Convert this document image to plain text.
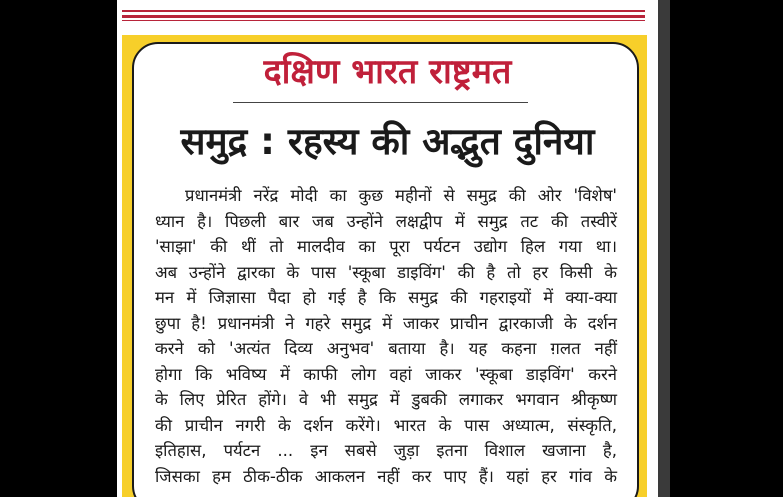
दक्षिण भारत राष्ट्रमत
समुद्र : रहस्य की अद्भुत दुनिया
प्रधानमंत्री नरेंद्र मोदी का कुछ महीनों से समुद्र की ओर 'विशेष'
ध्यान है। पिछली बार जब उन्होंने लक्षद्वीप में समुद्र तट की तस्वीरें
'साझा' की थीं तो मालदीव का पूरा पर्यटन उद्योग हिल गया था।
अब उन्होंने द्वारका के पास 'स्कूबा डाइविंग' की है तो हर किसी के
मन में जिज्ञासा पैदा हो गई है कि समुद्र की गहराइयों में क्या-क्या
छुपा है! प्रधानमंत्री ने गहरे समुद्र में जाकर प्राचीन द्वारकाजी के दर्शन
करने को 'अत्यंत दिव्य अनुभव' बताया है। यह कहना ग़लत नहीं
होगा कि भविष्य में काफी लोग वहां जाकर 'स्कूबा डाइविंग' करने
के लिए प्रेरित होंगे। वे भी समुद्र में डुबकी लगाकर भगवान श्रीकृष्ण
की प्राचीन नगरी के दर्शन करेंगे। भारत के पास अध्यात्म, संस्कृति,
इतिहास, पर्यटन ... इन सबसे जुड़ा इतना विशाल खजाना है,
जिसका हम ठीक-ठीक आकलन नहीं कर पाए हैं। यहां हर गांव के
